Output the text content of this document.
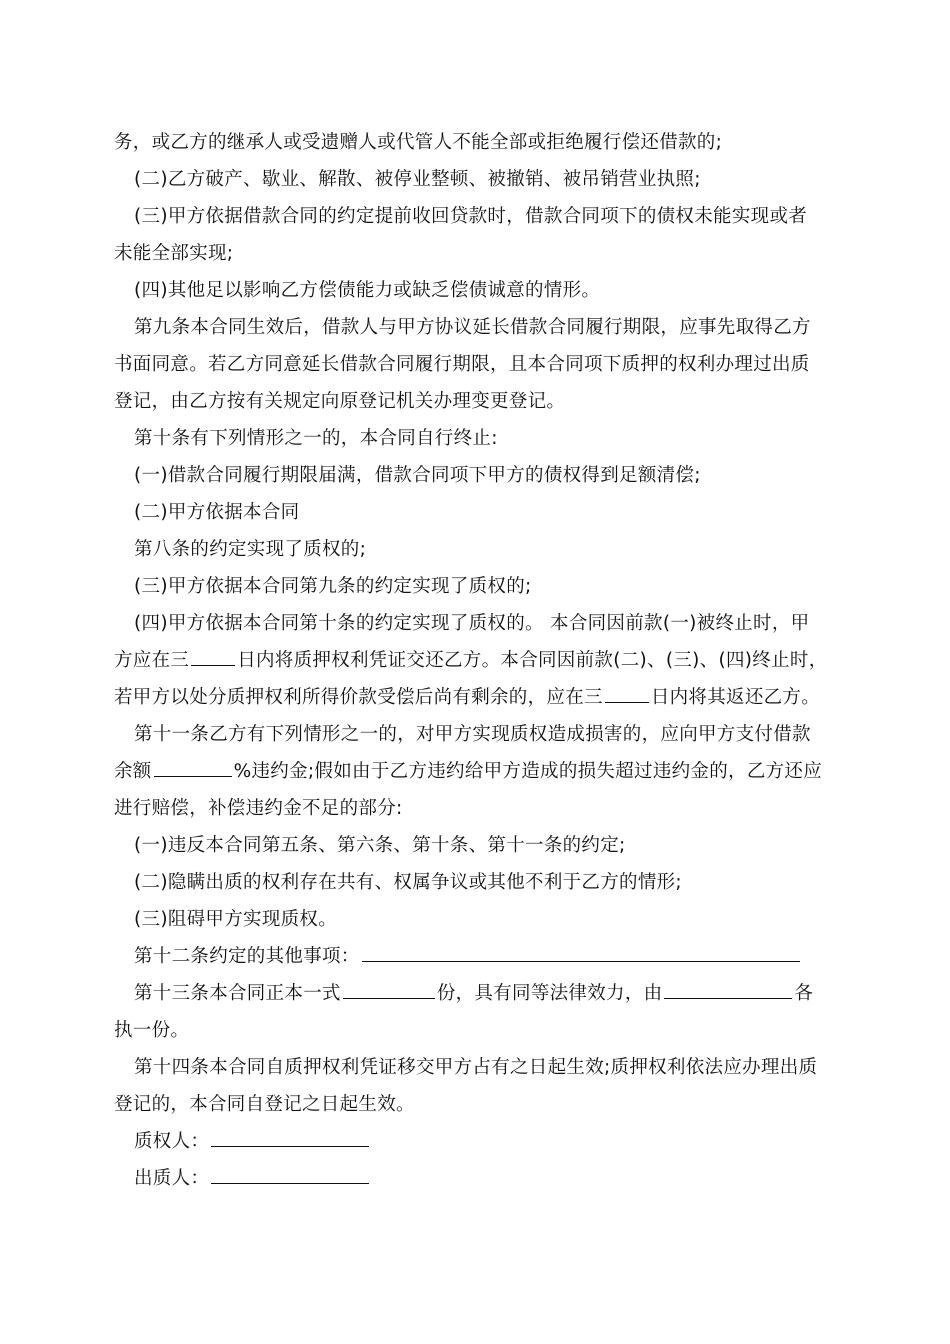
务，或乙方的继承人或受遗赠人或代管人不能全部或拒绝履行偿还借款的;
(二)乙方破产、歇业、解散、被停业整顿、被撤销、被吊销营业执照;
(三)甲方依据借款合同的约定提前收回贷款时，借款合同项下的债权未能实现或者
未能全部实现;
(四)其他足以影响乙方偿债能力或缺乏偿债诚意的情形。
第九条本合同生效后，借款人与甲方协议延长借款合同履行期限，应事先取得乙方
书面同意。若乙方同意延长借款合同履行期限，且本合同项下质押的权利办理过出质
登记，由乙方按有关规定向原登记机关办理变更登记。
第十条有下列情形之一的，本合同自行终止:
(一)借款合同履行期限届满，借款合同项下甲方的债权得到足额清偿;
(二)甲方依据本合同
第八条的约定实现了质权的;
(三)甲方依据本合同第九条的约定实现了质权的;
(四)甲方依据本合同第十条的约定实现了质权的。 本合同因前款(一)被终止时，甲
方应在三	日内将质押权利凭证交还乙方。本合同因前款(二)、(三)、(四)终止时，
若甲方以处分质押权利所得价款受偿后尚有剩余的，应在三	日内将其返还乙方。
第十一条乙方有下列情形之一的，对甲方实现质权造成损害的，应向甲方支付借款
余额	%违约金;假如由于乙方违约给甲方造成的损失超过违约金的，乙方还应
进行赔偿，补偿违约金不足的部分:
(一)违反本合同第五条、第六条、第十条、第十一条的约定;
(二)隐瞒出质的权利存在共有、权属争议或其他不利于乙方的情形;
(三)阻碍甲方实现质权。
第十二条约定的其他事项：
第十三条本合同正本一式	份，具有同等法律效力，由	各
执一份。
第十四条本合同自质押权利凭证移交甲方占有之日起生效;质押权利依法应办理出质
登记的，本合同自登记之日起生效。
质权人：
出质人：
